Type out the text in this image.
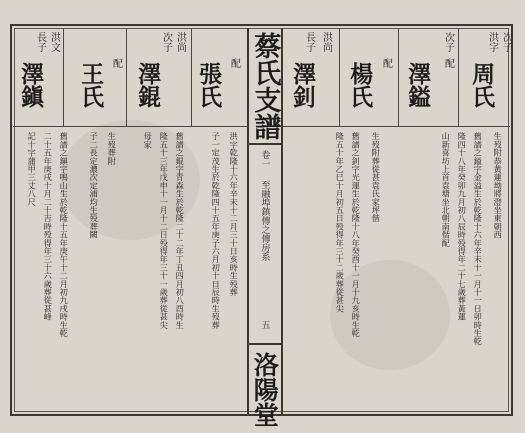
蔡氏支譜
卷一
至融埠鎮傳之傳房系
五
洛陽堂
次子
洪字
周氏
配
澤鎰
次子
楊氏 配
澤釗
洪尚
長子
張氏 配
澤錕
洪尚
次子
王氏 配
澤鎭
洪文
長子
生歿附恭黃蓮坳將澄坐東朝西
舊譜之鎰字金溢生於乾隆十六年辛未十一月十一日卯時生乾
隆四十八年癸卯九月初八辰時殁得年二十七歲葬黃蓮
山新喜坊上首袁塘坐北朝南偕配
生歿附葬從甚袁氏家坪偕
舊譜之釗字光運生於乾隆十八年癸酉十一月十九亥時生乾
隆五十年乙巳十月初五日殁得年三十二歲葬從甚尖
洪字乾隆十六年辛未十二月三十日亥時生殁葬
子一定茂生於乾隆四十五年庚子六月初十日辰時生歿葬
舊譜之錕字青森生於乾隆二十二年丁丑四月初八酉時生
隆五十三年戊申十一月十二日殁得年三十一歲葬從甚尖
母家
生歿葬附
子二長定濃次定浦均生殁葬闕
舊譜之鎭字鳴山生於乾隆十五年庚午十二月初九戌時生乾
二十五年庚戌十月二十吉時殁得年三十六歲葬從甚峰
記十字蒲甲三丈八尺
